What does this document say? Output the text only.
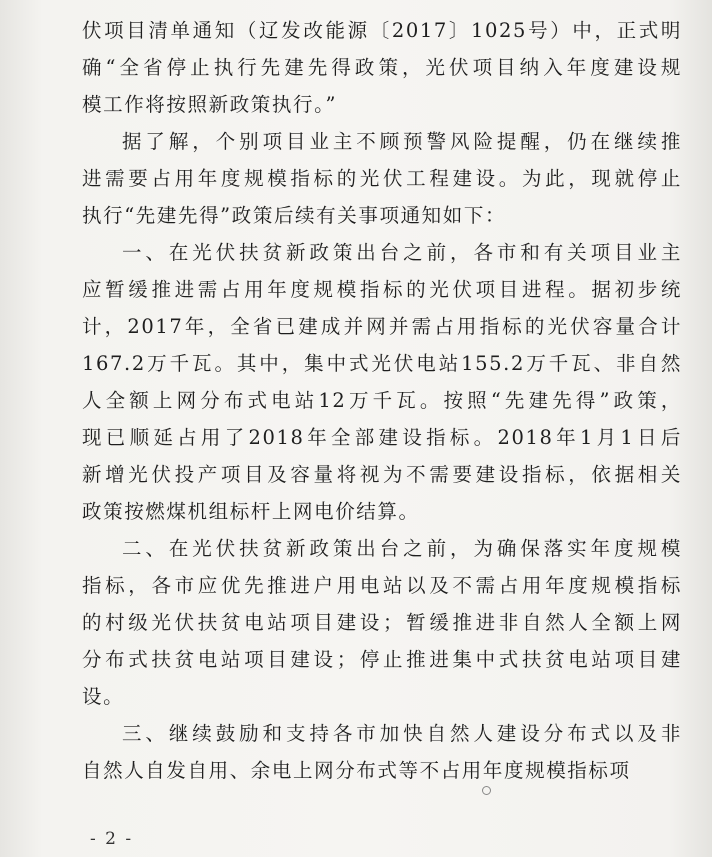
伏项目清单通知（辽发改能源〔2017〕1025号）中，正式明
确“全省停止执行先建先得政策，光伏项目纳入年度建设规
模工作将按照新政策执行。”
据了解，个别项目业主不顾预警风险提醒，仍在继续推
进需要占用年度规模指标的光伏工程建设。为此，现就停止
执行“先建先得”政策后续有关事项通知如下：
一、在光伏扶贫新政策出台之前，各市和有关项目业主
应暂缓推进需占用年度规模指标的光伏项目进程。据初步统
计，2017年，全省已建成并网并需占用指标的光伏容量合计
167.2万千瓦。其中，集中式光伏电站155.2万千瓦、非自然
人全额上网分布式电站12万千瓦。按照“先建先得”政策，
现已顺延占用了2018年全部建设指标。2018年1月1日后
新增光伏投产项目及容量将视为不需要建设指标，依据相关
政策按燃煤机组标杆上网电价结算。
二、在光伏扶贫新政策出台之前，为确保落实年度规模
指标，各市应优先推进户用电站以及不需占用年度规模指标
的村级光伏扶贫电站项目建设；暂缓推进非自然人全额上网
分布式扶贫电站项目建设；停止推进集中式扶贫电站项目建
设。
三、继续鼓励和支持各市加快自然人建设分布式以及非
自然人自发自用、余电上网分布式等不占用年度规模指标项
- 2 -
